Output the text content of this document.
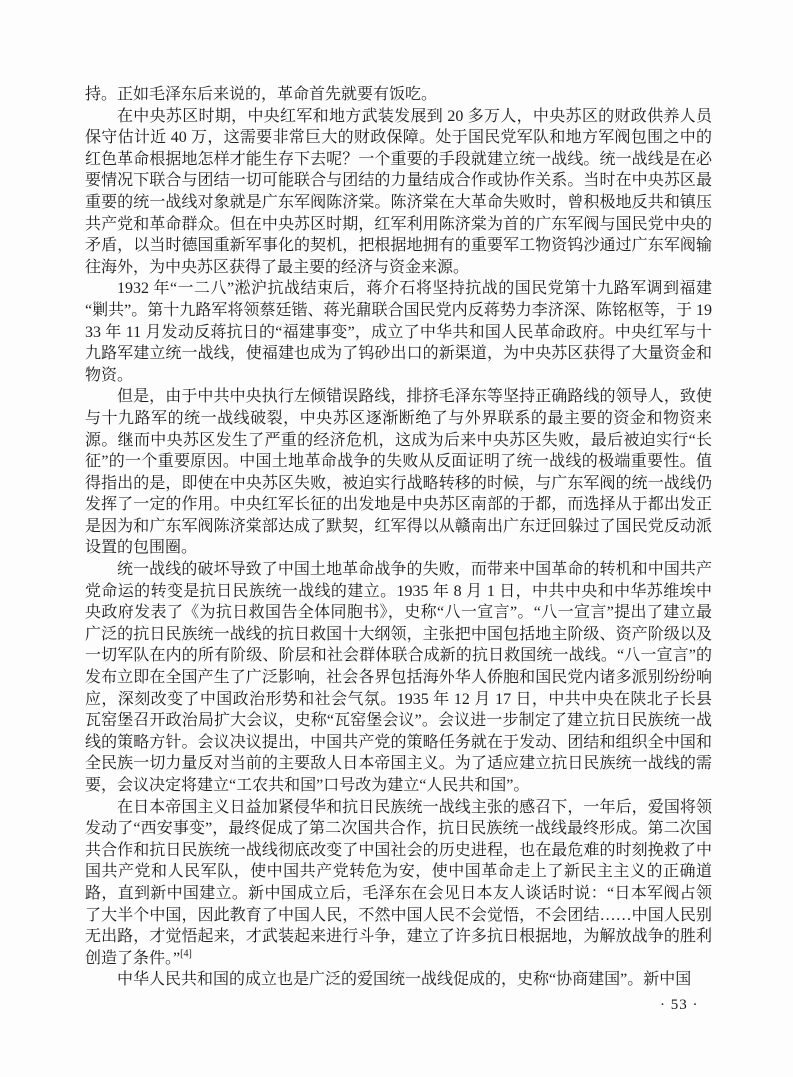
持。正如毛泽东后来说的，革命首先就要有饭吃。

在中央苏区时期，中央红军和地方武装发展到 20 多万人，中央苏区的财政供养人员保守估计近 40 万，这需要非常巨大的财政保障。处于国民党军队和地方军阀包围之中的红色革命根据地怎样才能生存下去呢？一个重要的手段就建立统一战线。统一战线是在必要情况下联合与团结一切可能联合与团结的力量结成合作或协作关系。当时在中央苏区最重要的统一战线对象就是广东军阀陈济棠。陈济棠在大革命失败时，曾积极地反共和镇压共产党和革命群众。但在中央苏区时期，红军利用陈济棠为首的广东军阀与国民党中央的矛盾，以当时德国重新军事化的契机，把根据地拥有的重要军工物资钨沙通过广东军阀输往海外，为中央苏区获得了最主要的经济与资金来源。

1932 年“一二八”淞沪抗战结束后，蒋介石将坚持抗战的国民党第十九路军调到福建“剿共”。第十九路军将领蔡廷锴、蒋光鼐联合国民党内反蒋势力李济深、陈铭枢等，于 1933 年 11 月发动反蒋抗日的“福建事变”，成立了中华共和国人民革命政府。中央红军与十九路军建立统一战线，使福建也成为了钨砂出口的新渠道，为中央苏区获得了大量资金和物资。

但是，由于中共中央执行左倾错误路线，排挤毛泽东等坚持正确路线的领导人，致使与十九路军的统一战线破裂，中央苏区逐渐断绝了与外界联系的最主要的资金和物资来源。继而中央苏区发生了严重的经济危机，这成为后来中央苏区失败，最后被迫实行“长征”的一个重要原因。中国土地革命战争的失败从反面证明了统一战线的极端重要性。值得指出的是，即使在中央苏区失败，被迫实行战略转移的时候，与广东军阀的统一战线仍发挥了一定的作用。中央红军长征的出发地是中央苏区南部的于都，而选择从于都出发正是因为和广东军阀陈济棠部达成了默契，红军得以从赣南出广东迂回躲过了国民党反动派设置的包围圈。

统一战线的破坏导致了中国土地革命战争的失败，而带来中国革命的转机和中国共产党命运的转变是抗日民族统一战线的建立。1935 年 8 月 1 日，中共中央和中华苏维埃中央政府发表了《为抗日救国告全体同胞书》，史称“八一宣言”。“八一宣言”提出了建立最广泛的抗日民族统一战线的抗日救国十大纲领，主张把中国包括地主阶级、资产阶级以及一切军队在内的所有阶级、阶层和社会群体联合成新的抗日救国统一战线。“八一宣言”的发布立即在全国产生了广泛影响，社会各界包括海外华人侨胞和国民党内诸多派别纷纷响应，深刻改变了中国政治形势和社会气氛。1935 年 12 月 17 日，中共中央在陕北子长县瓦窑堡召开政治局扩大会议，史称“瓦窑堡会议”。会议进一步制定了建立抗日民族统一战线的策略方针。会议决议提出，中国共产党的策略任务就在于发动、团结和组织全中国和全民族一切力量反对当前的主要敌人日本帝国主义。为了适应建立抗日民族统一战线的需要，会议决定将建立“工农共和国”口号改为建立“人民共和国”。

在日本帝国主义日益加紧侵华和抗日民族统一战线主张的感召下，一年后，爱国将领发动了“西安事变”，最终促成了第二次国共合作，抗日民族统一战线最终形成。第二次国共合作和抗日民族统一战线彻底改变了中国社会的历史进程，也在最危难的时刻挽救了中国共产党和人民军队，使中国共产党转危为安，使中国革命走上了新民主主义的正确道路，直到新中国建立。新中国成立后，毛泽东在会见日本友人谈话时说：“日本军阀占领了大半个中国，因此教育了中国人民，不然中国人民不会觉悟，不会团结……中国人民别无出路，才觉悟起来，才武装起来进行斗争，建立了许多抗日根据地，为解放战争的胜利创造了条件。”[4]

中华人民共和国的成立也是广泛的爱国统一战线促成的，史称“协商建国”。新中国

· 53 ·
